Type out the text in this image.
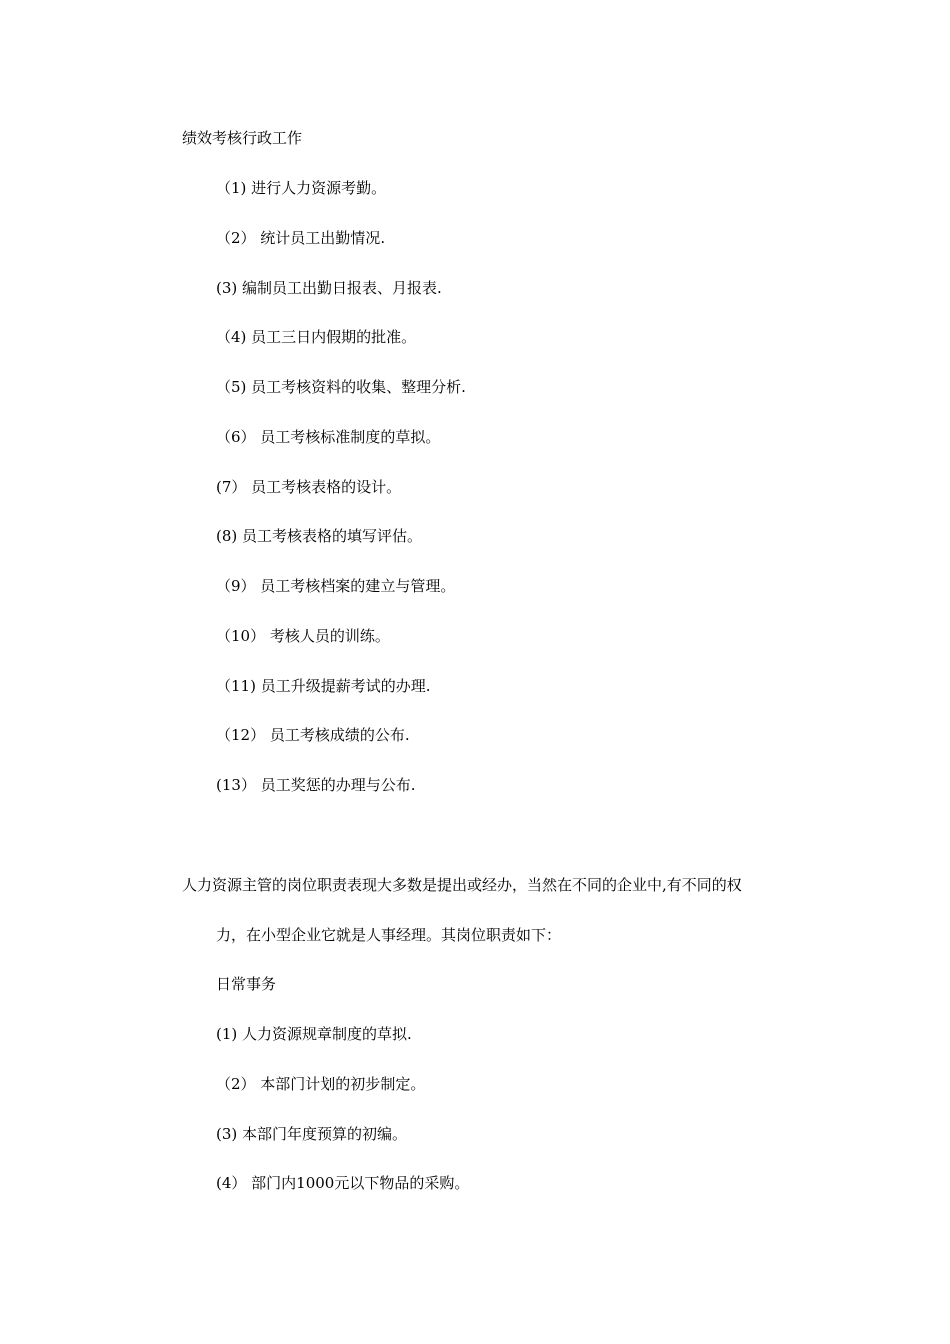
绩效考核行政工作
（1) 进行人力资源考勤。
（2） 统计员工出勤情况.
(3) 编制员工出勤日报表、月报表.
（4) 员工三日内假期的批准。
（5) 员工考核资料的收集、整理分析.
（6） 员工考核标准制度的草拟。
(7） 员工考核表格的设计。
(8) 员工考核表格的填写评估。
（9） 员工考核档案的建立与管理。
（10） 考核人员的训练。
（11) 员工升级提薪考试的办理.
（12） 员工考核成绩的公布.
(13） 员工奖惩的办理与公布.
人力资源主管的岗位职责表现大多数是提出或经办，当然在不同的企业中,有不同的权
力，在小型企业它就是人事经理。其岗位职责如下：
日常事务
(1) 人力资源规章制度的草拟.
（2） 本部门计划的初步制定。
(3) 本部门年度预算的初编。
(4） 部门内1000元以下物品的采购。
